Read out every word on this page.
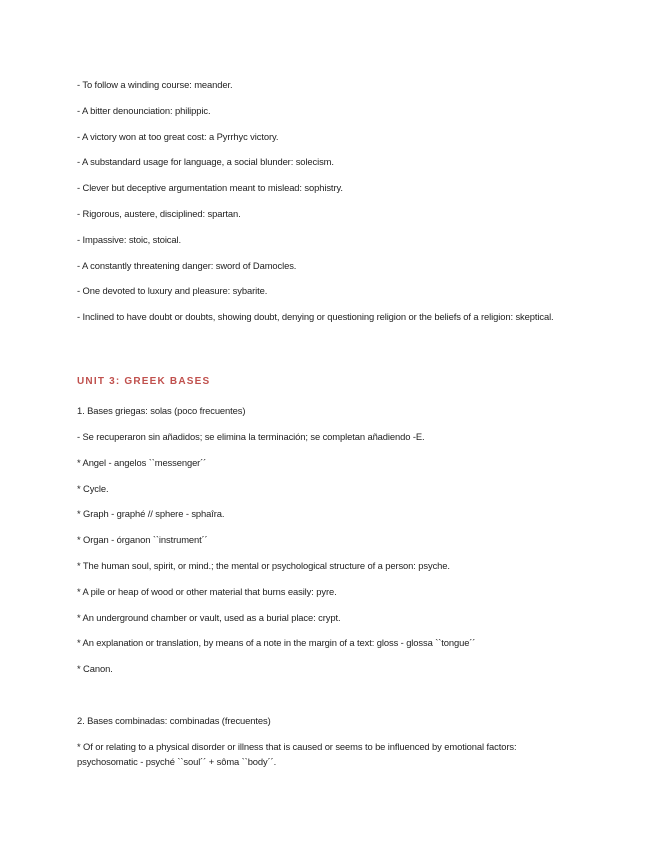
- To follow a winding course: meander.
- A bitter denounciation: philippic.
- A victory won at too great cost: a Pyrrhyc victory.
- A substandard usage for language, a social blunder: solecism.
- Clever but deceptive argumentation meant to mislead: sophistry.
- Rigorous, austere, disciplined: spartan.
- Impassive: stoic, stoical.
- A constantly threatening danger: sword of Damocles.
- One devoted to luxury and pleasure: sybarite.
- Inclined to have doubt or doubts, showing doubt, denying or questioning religion or the beliefs of a religion: skeptical.
UNIT 3: GREEK BASES
1. Bases griegas: solas (poco frecuentes)
- Se recuperaron sin añadidos; se elimina la terminación; se completan añadiendo -E.
* Angel - angelos ``messenger´´
* Cycle.
* Graph - graphé // sphere - sphaîra.
* Organ - órganon ``instrument´´
* The human soul, spirit, or mind.; the mental or psychological structure of a person: psyche.
* A pile or heap of wood or other material that burns easily: pyre.
* An underground chamber or vault, used as a burial place: crypt.
* An explanation or translation, by means of a note in the margin of a text: gloss - glossa ``tongue´´
* Canon.
2. Bases combinadas: combinadas (frecuentes)
* Of or relating to a physical disorder or illness that is caused or seems to be influenced by emotional factors: psychosomatic - psyché ``soul´´ + sôma ``body´´.
